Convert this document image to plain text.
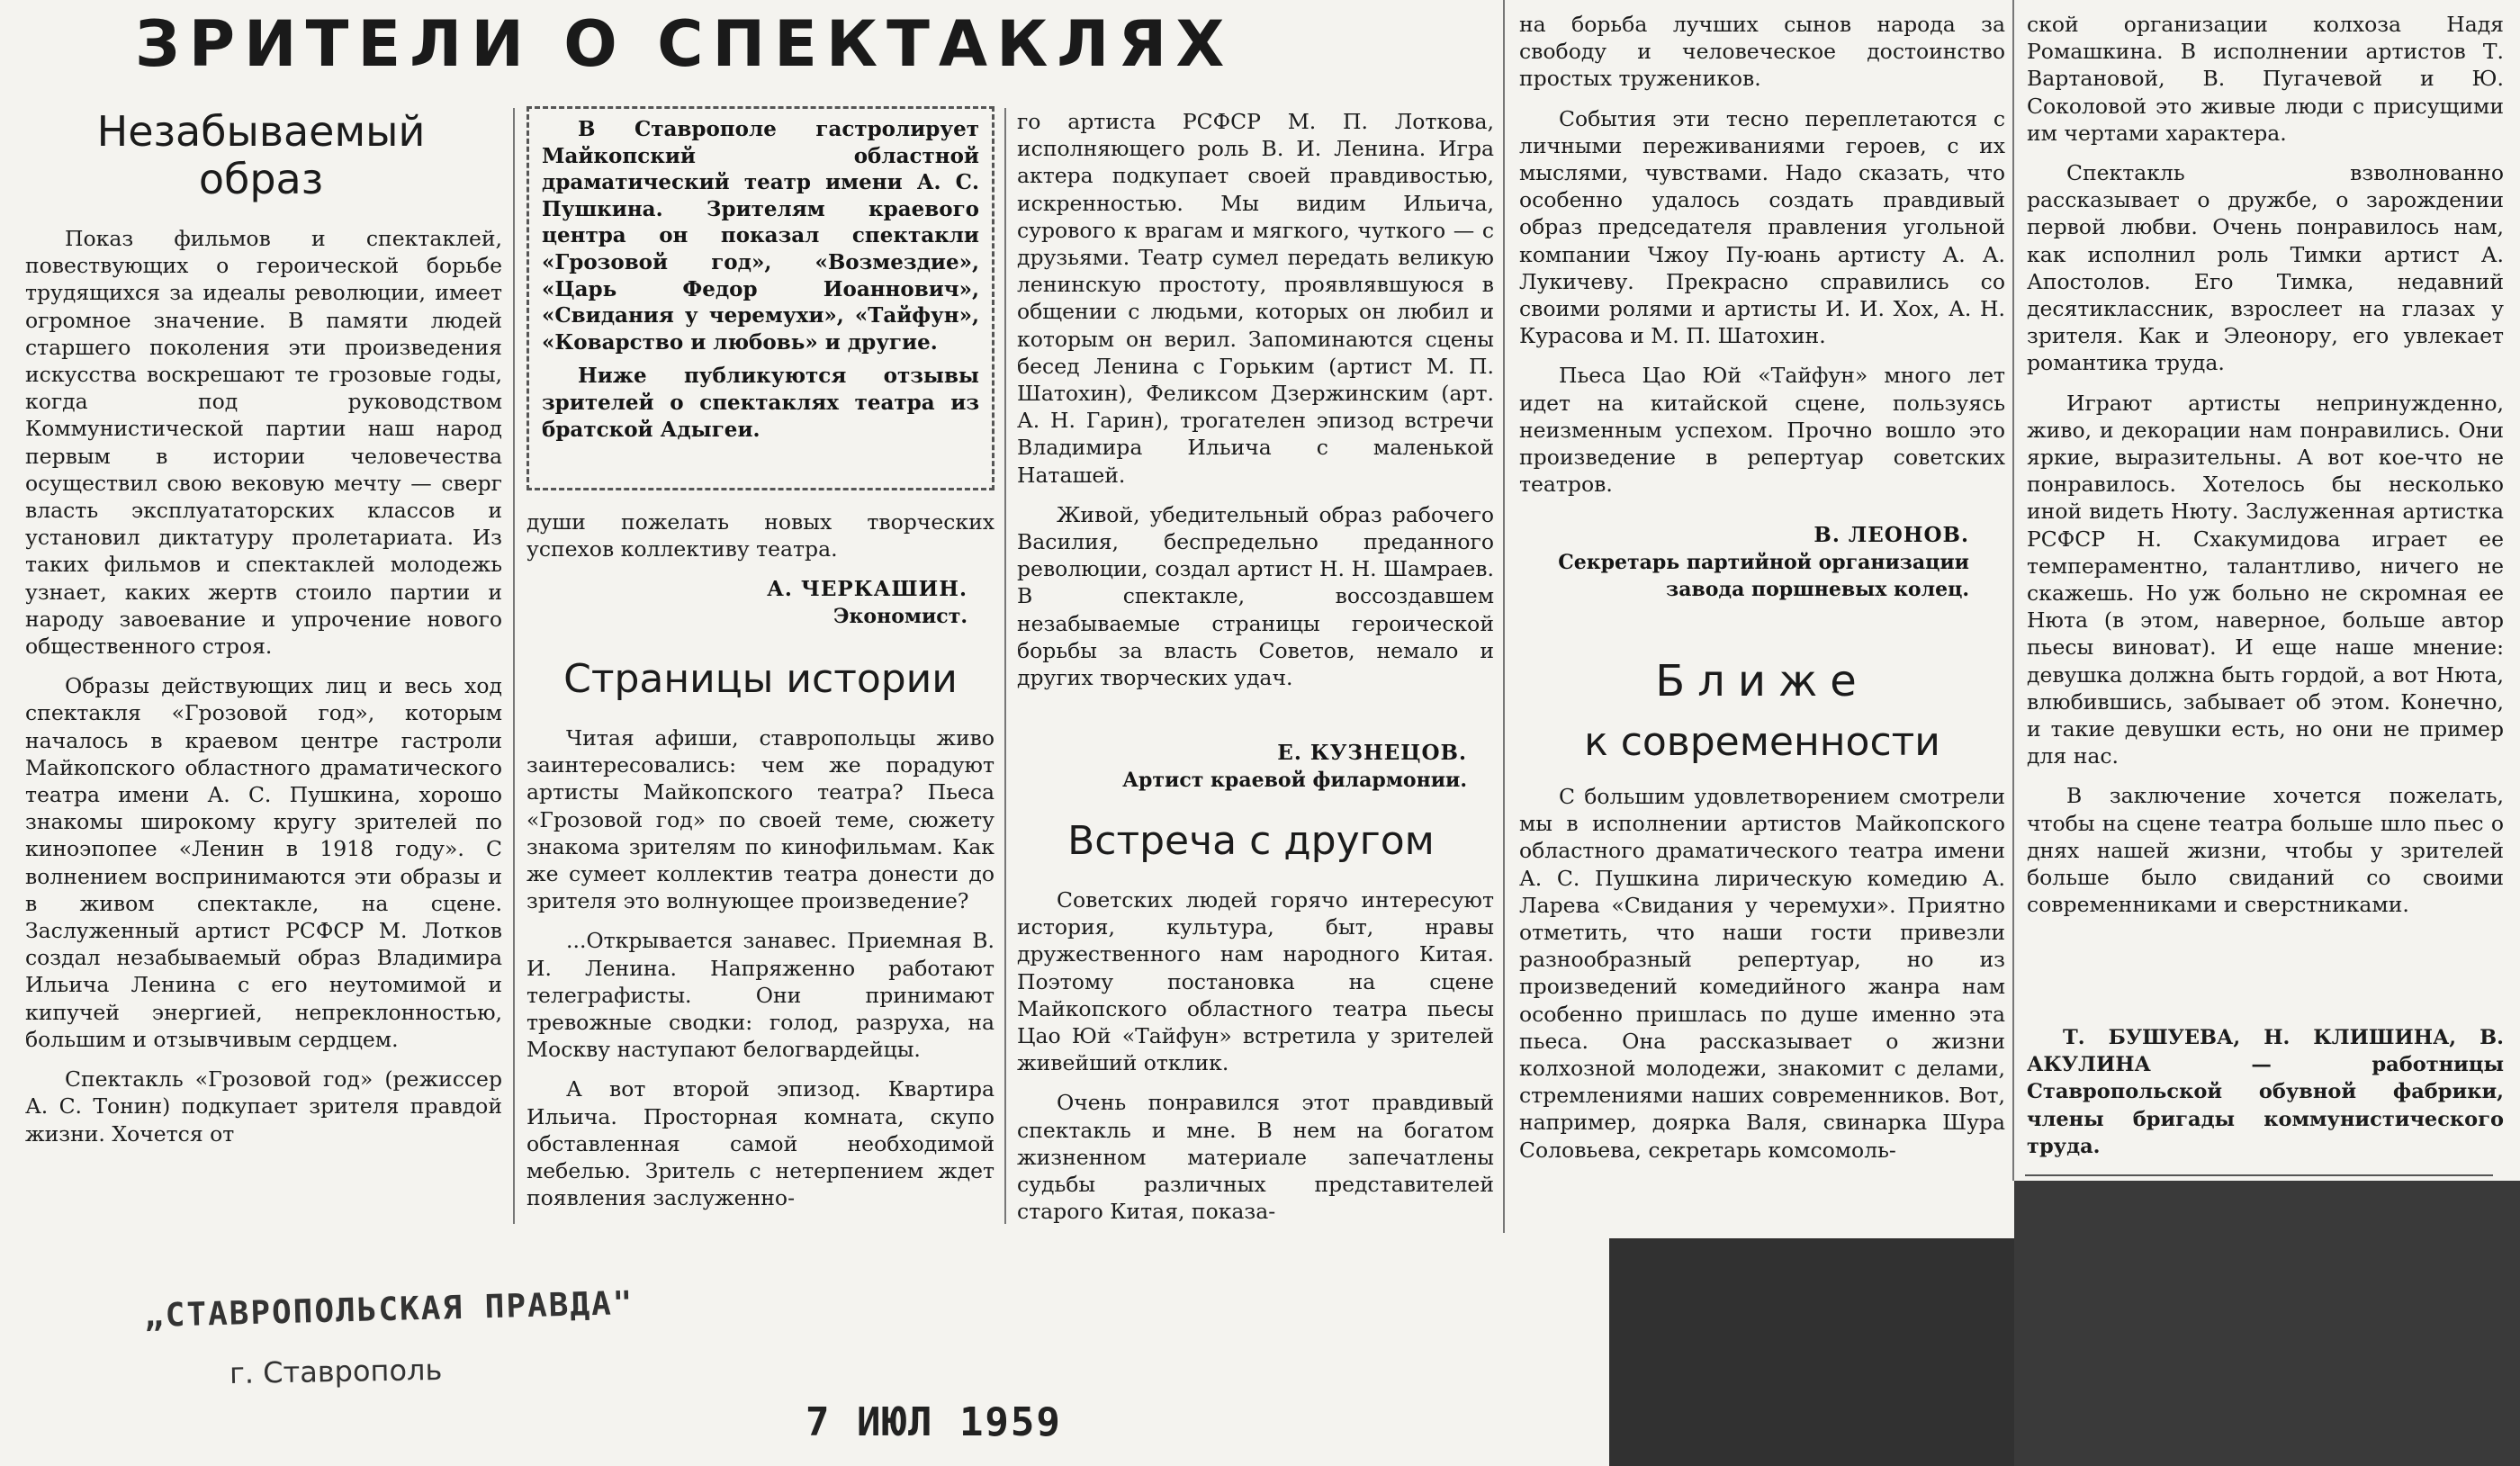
ЗРИТЕЛИ О СПЕКТАКЛЯХ
Незабываемый образ

Показ фильмов и спектаклей, повествующих о героической борьбе трудящихся за идеалы революции, имеет огромное значение. В памяти людей старшего поколения эти произведения искусства воскрешают те грозовые годы, когда под руководством Коммунистической партии наш народ первым в истории человечества осуществил свою вековую мечту — сверг власть эксплуататорских классов и установил диктатуру пролетариата. Из таких фильмов и спектаклей молодежь узнает, каких жертв стоило партии и народу завоевание и упрочение нового общественного строя.

Образы действующих лиц и весь ход спектакля «Грозовой год», которым началось в краевом центре гастроли Майкопского областного драматического театра имени А. С. Пушкина, хорошо знакомы широкому кругу зрителей по киноэпопее «Ленин в 1918 году». С волнением воспринимаются эти образы и в живом спектакле, на сцене. Заслуженный артист РСФСР М. Лотков создал незабываемый образ Владимира Ильича Ленина с его неутомимой и кипучей энергией, непреклонностью, большим и отзывчивым сердцем.

Спектакль «Грозовой год» (режиссер А. С. Тонин) подкупает зрителя правдой жизни. Хочется от

В Ставрополе гастролирует Майкопский областной драматический театр имени А. С. Пушкина. Зрителям краевого центра он показал спектакли «Грозовой год», «Возмездие», «Царь Федор Иоаннович», «Свидания у черемухи», «Тайфун», «Коварство и любовь» и другие.

Ниже публикуются отзывы зрителей о спектаклях театра из братской Адыгеи.

души пожелать новых творческих успехов коллективу театра.

А. ЧЕРКАШИН.
Экономист.
Страницы истории

Читая афиши, ставропольцы живо заинтересовались: чем же порадуют артисты Майкопского театра? Пьеса «Грозовой год» по своей теме, сюжету знакома зрителям по кинофильмам. Как же сумеет коллектив театра донести до зрителя это волнующее произведение?

...Открывается занавес. Приемная В. И. Ленина. Напряженно работают телеграфисты. Они принимают тревожные сводки: голод, разруха, на Москву наступают белогвардейцы.

А вот второй эпизод. Квартира Ильича. Просторная комната, скупо обставленная самой необходимой мебелью. Зритель с нетерпением ждет появления заслуженно-

го артиста РСФСР М. П. Лоткова, исполняющего роль В. И. Ленина. Игра актера подкупает своей правдивостью, искренностью. Мы видим Ильича, сурового к врагам и мягкого, чуткого — с друзьями. Театр сумел передать великую ленинскую простоту, проявлявшуюся в общении с людьми, которых он любил и которым он верил. Запоминаются сцены бесед Ленина с Горьким (артист М. П. Шатохин), Феликсом Дзержинским (арт. А. Н. Гарин), трогателен эпизод встречи Владимира Ильича с маленькой Наташей.

Живой, убедительный образ рабочего Василия, беспредельно преданного революции, создал артист Н. Н. Шамраев. В спектакле, воссоздавшем незабываемые страницы героической борьбы за власть Советов, немало и других творческих удач.

Е. КУЗНЕЦОВ.
Артист краевой филармонии.
Встреча с другом

Советских людей горячо интересуют история, культура, быт, нравы дружественного нам народного Китая. Поэтому постановка на сцене Майкопского областного театра пьесы Цао Юй «Тайфун» встретила у зрителей живейший отклик.

Очень понравился этот правдивый спектакль и мне. В нем на богатом жизненном материале запечатлены судьбы различных представителей старого Китая, показа-

на борьба лучших сынов народа за свободу и человеческое достоинство простых тружеников.

События эти тесно переплетаются с личными переживаниями героев, с их мыслями, чувствами. Надо сказать, что особенно удалось создать правдивый образ председателя правления угольной компании Чжоу Пу-юань артисту А. А. Лукичеву. Прекрасно справились со своими ролями и артисты И. И. Хох, А. Н. Курасова и М. П. Шатохин.

Пьеса Цао Юй «Тайфун» много лет идет на китайской сцене, пользуясь неизменным успехом. Прочно вошло это произведение в репертуар советских театров.

В. ЛЕОНОВ.
Секретарь партийной организации завода поршневых колец.
Ближе
к современности

С большим удовлетворением смотрели мы в исполнении артистов Майкопского областного драматического театра имени А. С. Пушкина лирическую комедию А. Ларева «Свидания у черемухи». Приятно отметить, что наши гости привезли разнообразный репертуар, но из произведений комедийного жанра нам особенно пришлась по душе именно эта пьеса. Она рассказывает о жизни колхозной молодежи, знакомит с делами, стремлениями наших современников. Вот, например, доярка Валя, свинарка Шура Соловьева, секретарь комсомоль-

ской организации колхоза Надя Ромашкина. В исполнении артистов Т. Вартановой, В. Пугачевой и Ю. Соколовой это живые люди с присущими им чертами характера.

Спектакль взволнованно рассказывает о дружбе, о зарождении первой любви. Очень понравилось нам, как исполнил роль Тимки артист А. Апостолов. Его Тимка, недавний десятиклассник, взрослеет на глазах у зрителя. Как и Элеонору, его увлекает романтика труда.

Играют артисты непринужденно, живо, и декорации нам понравились. Они яркие, выразительны. А вот кое-что не понравилось. Хотелось бы несколько иной видеть Нюту. Заслуженная артистка РСФСР Н. Схакумидова играет ее темпераментно, талантливо, ничего не скажешь. Но уж больно не скромная ее Нюта (в этом, наверное, больше автор пьесы виноват). И еще наше мнение: девушка должна быть гордой, а вот Нюта, влюбившись, забывает об этом. Конечно, и такие девушки есть, но они не пример для нас.

В заключение хочется пожелать, чтобы на сцене театра больше шло пьес о днях нашей жизни, чтобы у зрителей больше было свиданий со своими современниками и сверстниками.

Т. БУШУЕВА, Н. КЛИШИНА, В. АКУЛИНА — работницы Ставропольской обувной фабрики, члены бригады коммунистического труда.
„СТАВРОПОЛЬСКАЯ ПРАВДА"
г. Ставрополь
7 ИЮЛ 1959
